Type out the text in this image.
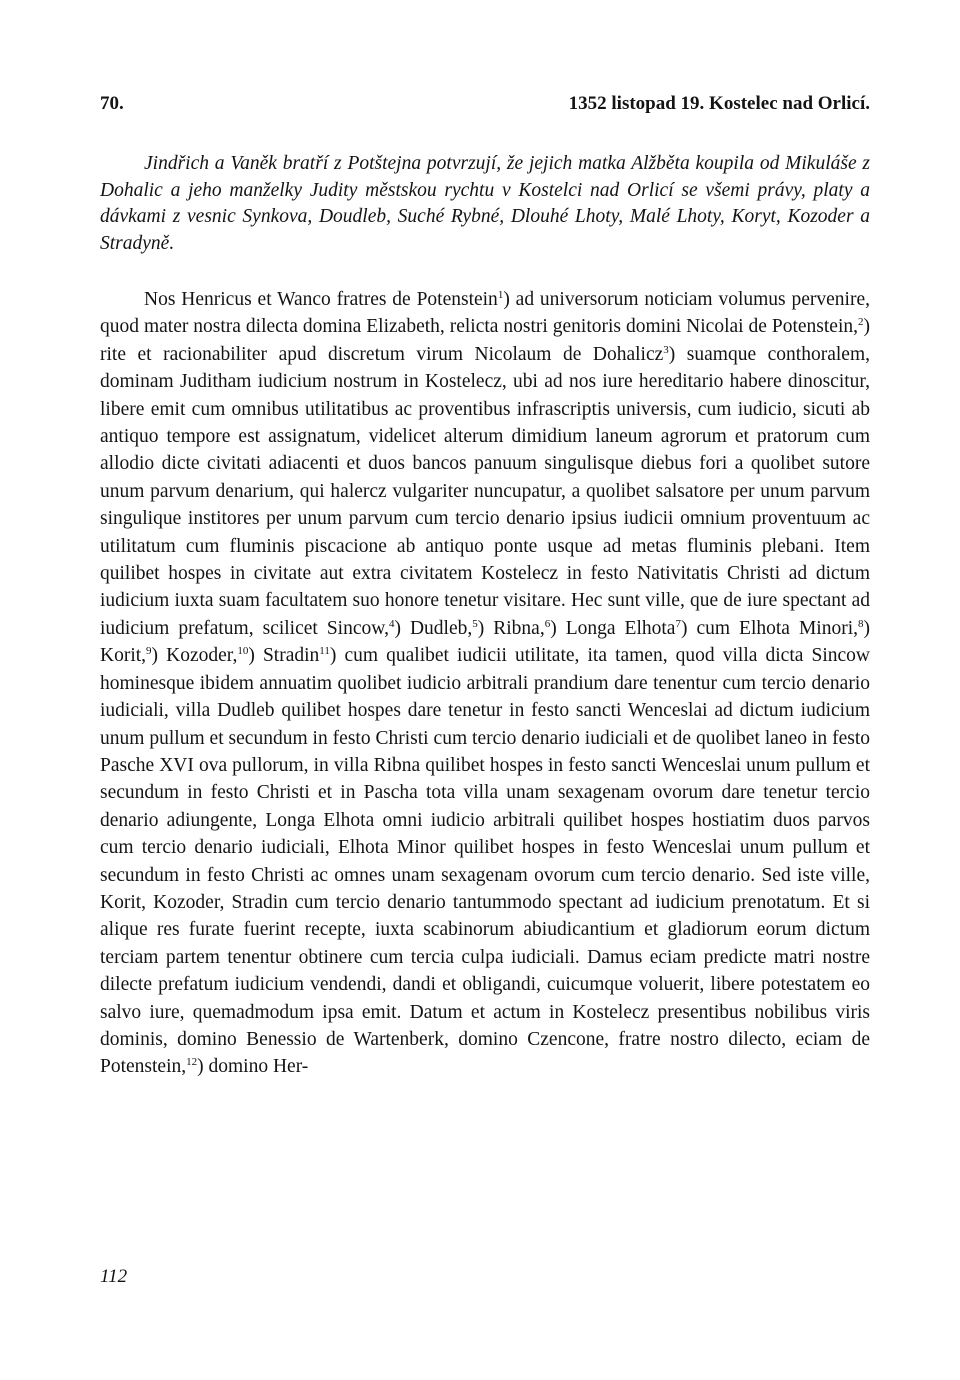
70.	1352 listopad 19. Kostelec nad Orlicí.

Jindřich a Vaněk bratří z Potštejna potvrzují, že jejich matka Alžběta koupila od Mikuláše z Dohalic a jeho manželky Judity městskou rychtu v Kostelci nad Orlicí se všemi právy, platy a dávkami z vesnic Synkova, Doudleb, Suché Rybné, Dlouhé Lhoty, Malé Lhoty, Koryt, Kozoder a Stradyně.

Nos Henricus et Wanco fratres de Potenstein$^1$) ad universorum noticiam volumus pervenire, quod mater nostra dilecta domina Elizabeth, relicta nostri genitoris domini Nicolai de Potenstein,$^2$) rite et racionabiliter apud discretum virum Nicolaum de Dohalicz$^3$) suamque conthoralem, dominam Juditham iudicium nostrum in Kostelecz, ubi ad nos iure hereditario habere dinoscitur, libere emit cum omnibus utilitatibus ac proventibus infrascriptis universis, cum iudicio, sicuti ab antiquo tempore est assignatum, videlicet alterum dimidium laneum agrorum et pratorum cum allodio dicte civitati adiacenti et duos bancos panuum singulisque diebus fori a quolibet sutore unum parvum denarium, qui halercz vulgariter nuncupatur, a quolibet salsatore per unum parvum singulique institores per unum parvum cum tercio denario ipsius iudicii omnium proventuum ac utilitatum cum fluminis piscacione ab antiquo ponte usque ad metas fluminis plebani. Item quilibet hospes in civitate aut extra civitatem Kostelecz in festo Nativitatis Christi ad dictum iudicium iuxta suam facultatem suo honore tenetur visitare. Hec sunt ville, que de iure spectant ad iudicium prefatum, scilicet Sincow,$^4$) Dudleb,$^5$) Ribna,$^6$) Longa Elhota$^7$) cum Elhota Minori,$^8$) Korit,$^9$) Kozoder,$^{10}$) Stradin$^{11}$) cum qualibet iudicii utilitate, ita tamen, quod villa dicta Sincow hominesque ibidem annuatim quolibet iudicio arbitrali prandium dare tenentur cum tercio denario iudiciali, villa Dudleb quilibet hospes dare tenetur in festo sancti Wenceslai ad dictum iudicium unum pullum et secundum in festo Christi cum tercio denario iudiciali et de quolibet laneo in festo Pasche XVI ova pullorum, in villa Ribna quilibet hospes in festo sancti Wenceslai unum pullum et secundum in festo Christi et in Pascha tota villa unam sexagenam ovorum dare tenetur tercio denario adiungente, Longa Elhota omni iudicio arbitrali quilibet hospes hostiatim duos parvos cum tercio denario iudiciali, Elhota Minor quilibet hospes in festo Wenceslai unum pullum et secundum in festo Christi ac omnes unam sexagenam ovorum cum tercio denario. Sed iste ville, Korit, Kozoder, Stradin cum tercio denario tantummodo spectant ad iudicium prenotatum. Et si alique res furate fuerint recepte, iuxta scabinorum abiudicantium et gladiorum eorum dictum terciam partem tenentur obtinere cum tercia culpa iudiciali. Damus eciam predicte matri nostre dilecte prefatum iudicium vendendi, dandi et obligandi, cuicumque voluerit, libere potestatem eo salvo iure, quemadmodum ipsa emit. Datum et actum in Kostelecz presentibus nobilibus viris dominis, domino Benessio de Wartenberk, domino Czencone, fratre nostro dilecto, eciam de Potenstein,$^{12}$) domino Her-

112
